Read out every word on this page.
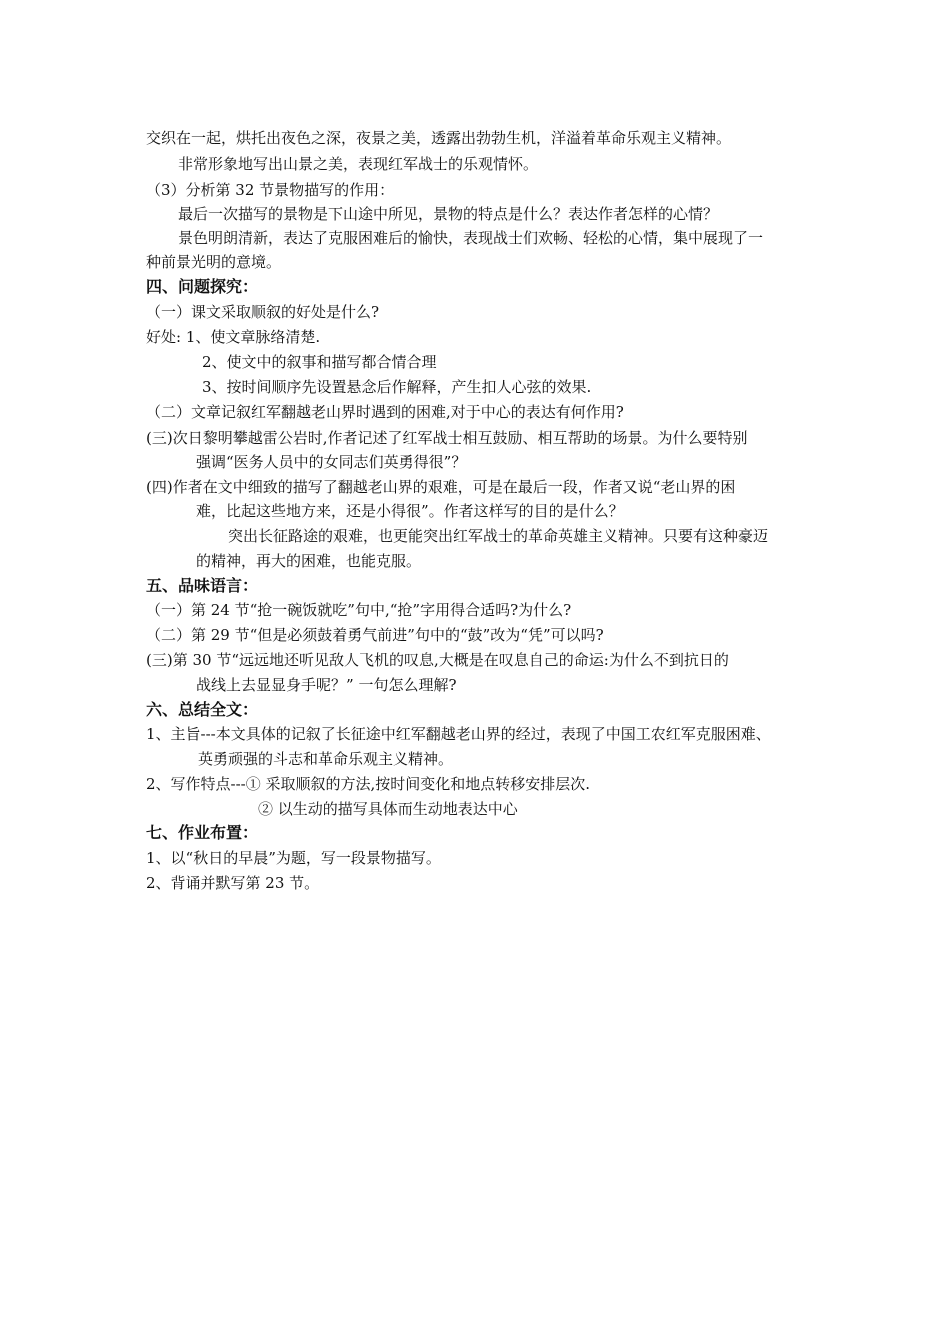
交织在一起，烘托出夜色之深，夜景之美，透露出勃勃生机，洋溢着革命乐观主义精神。
非常形象地写出山景之美，表现红军战士的乐观情怀。
（3）分析第 32 节景物描写的作用：
最后一次描写的景物是下山途中所见，景物的特点是什么？表达作者怎样的心情？
景色明朗清新，表达了克服困难后的愉快，表现战士们欢畅、轻松的心情，集中展现了一
种前景光明的意境。
四、问题探究：
（一）课文采取顺叙的好处是什么?
好处: 1、使文章脉络清楚.
2、使文中的叙事和描写都合情合理
3、按时间顺序先设置悬念后作解释，产生扣人心弦的效果.
（二）文章记叙红军翻越老山界时遇到的困难,对于中心的表达有何作用?
(三)次日黎明攀越雷公岩时,作者记述了红军战士相互鼓励、相互帮助的场景。为什么要特别
强调“医务人员中的女同志们英勇得很”？
(四)作者在文中细致的描写了翻越老山界的艰难，可是在最后一段，作者又说“老山界的困
难，比起这些地方来，还是小得很”。作者这样写的目的是什么？
突出长征路途的艰难，也更能突出红军战士的革命英雄主义精神。只要有这种豪迈
的精神，再大的困难，也能克服。
五、品味语言：
（一）第 24 节“抢一碗饭就吃”句中,“抢”字用得合适吗?为什么?
（二）第 29 节“但是必须鼓着勇气前进”句中的“鼓”改为“凭”可以吗?
(三)第 30 节“远远地还听见敌人飞机的叹息,大概是在叹息自己的命运:为什么不到抗日的
战线上去显显身手呢？” 一句怎么理解?
六、总结全文：
1、主旨---本文具体的记叙了长征途中红军翻越老山界的经过，表现了中国工农红军克服困难、
英勇顽强的斗志和革命乐观主义精神。
2、写作特点---① 采取顺叙的方法,按时间变化和地点转移安排层次.
② 以生动的描写具体而生动地表达中心
七、作业布置：
1、以“秋日的早晨”为题，写一段景物描写。
2、背诵并默写第 23 节。
